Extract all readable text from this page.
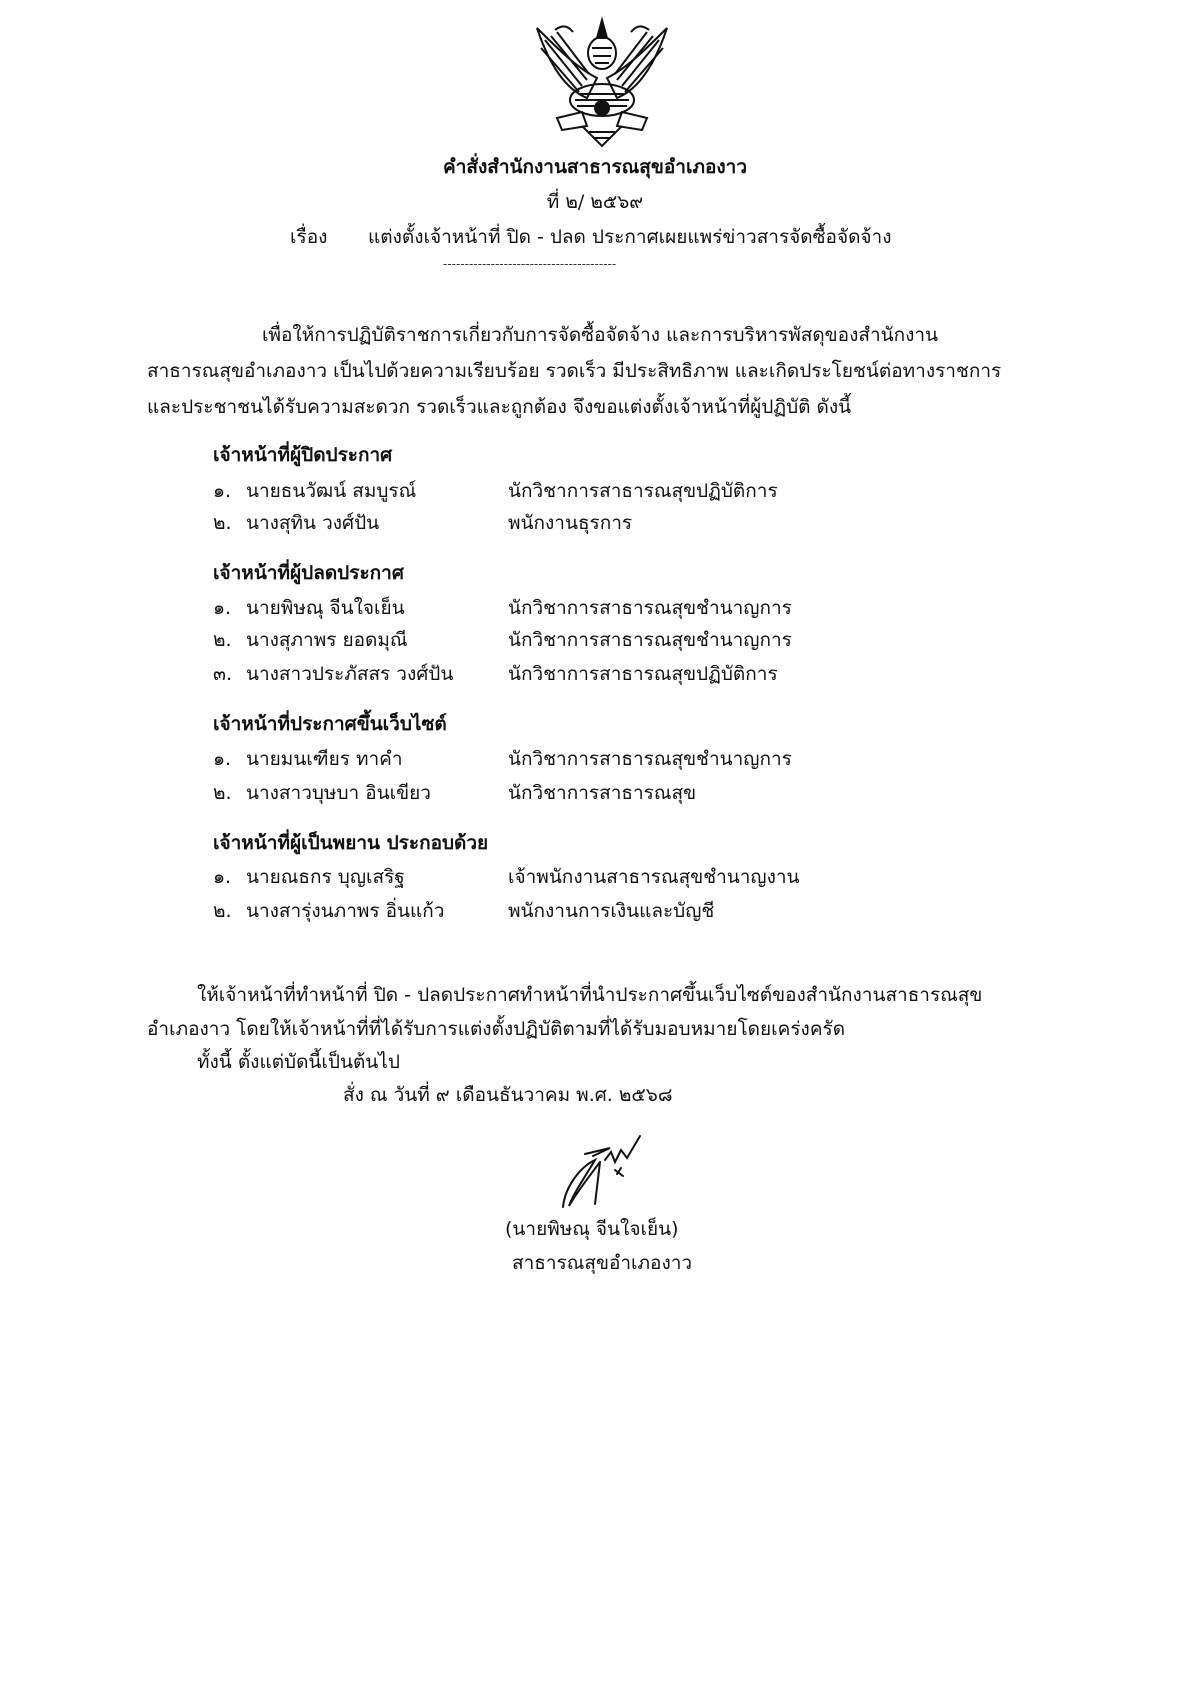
คำสั่งสำนักงานสาธารณสุขอำเภองาว
ที่ ๒/ ๒๕๖๙
เรื่อง แต่งตั้งเจ้าหน้าที่ ปิด - ปลด ประกาศเผยแพร่ข่าวสารจัดซื้อจัดจ้าง
----------------------------------------
เพื่อให้การปฏิบัติราชการเกี่ยวกับการจัดซื้อจัดจ้าง และการบริหารพัสดุของสำนักงาน
สาธารณสุขอำเภองาว เป็นไปด้วยความเรียบร้อย รวดเร็ว มีประสิทธิภาพ และเกิดประโยชน์ต่อทางราชการ
และประชาชนได้รับความสะดวก รวดเร็วและถูกต้อง จึงขอแต่งตั้งเจ้าหน้าที่ผู้ปฏิบัติ ดังนี้
เจ้าหน้าที่ผู้ปิดประกาศ
๑. นายธนวัฒน์ สมบูรณ์	นักวิชาการสาธารณสุขปฏิบัติการ
๒. นางสุทิน วงศ์ปัน	พนักงานธุรการ
เจ้าหน้าที่ผู้ปลดประกาศ
๑. นายพิษณุ จีนใจเย็น	นักวิชาการสาธารณสุขชำนาญการ
๒. นางสุภาพร ยอดมุณี	นักวิชาการสาธารณสุขชำนาญการ
๓. นางสาวประภัสสร วงศ์ปัน	นักวิชาการสาธารณสุขปฏิบัติการ
เจ้าหน้าที่ประกาศขึ้นเว็บไซต์
๑. นายมนเฑียร ทาคำ	นักวิชาการสาธารณสุขชำนาญการ
๒. นางสาวบุษบา อินเขียว	นักวิชาการสาธารณสุข
เจ้าหน้าที่ผู้เป็นพยาน ประกอบด้วย
๑. นายณธกร บุญเสริฐ	เจ้าพนักงานสาธารณสุขชำนาญงาน
๒. นางสารุ่งนภาพร อิ่นแก้ว	พนักงานการเงินและบัญชี
ให้เจ้าหน้าที่ทำหน้าที่ ปิด - ปลดประกาศทำหน้าที่นำประกาศขึ้นเว็บไซต์ของสำนักงานสาธารณสุข
อำเภองาว โดยให้เจ้าหน้าที่ที่ได้รับการแต่งตั้งปฏิบัติตามที่ได้รับมอบหมายโดยเคร่งครัด
ทั้งนี้ ตั้งแต่บัดนี้เป็นต้นไป
สั่ง ณ วันที่ ๙ เดือนธันวาคม พ.ศ. ๒๕๖๘
(นายพิษณุ จีนใจเย็น)
สาธารณสุขอำเภองาว
